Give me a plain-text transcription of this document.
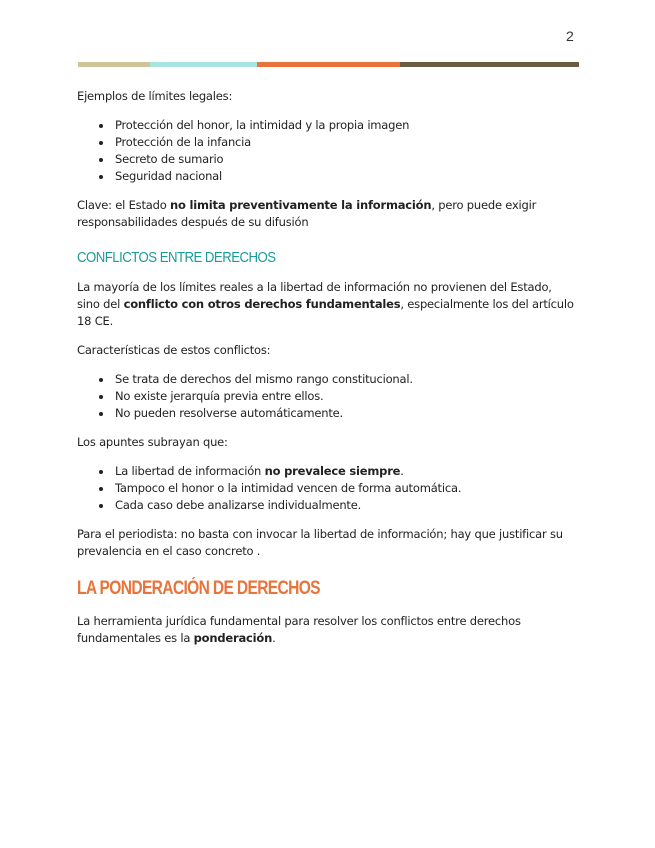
2

Ejemplos de límites legales:

Protección del honor, la intimidad y la propia imagen
Protección de la infancia
Secreto de sumario
Seguridad nacional

Clave: el Estado no limita preventivamente la información, pero puede exigir responsabilidades después de su difusión

CONFLICTOS ENTRE DERECHOS

La mayoría de los límites reales a la libertad de información no provienen del Estado, sino del conflicto con otros derechos fundamentales, especialmente los del artículo 18 CE.

Características de estos conflictos:

Se trata de derechos del mismo rango constitucional.
No existe jerarquía previa entre ellos.
No pueden resolverse automáticamente.

Los apuntes subrayan que:

La libertad de información no prevalece siempre.
Tampoco el honor o la intimidad vencen de forma automática.
Cada caso debe analizarse individualmente.

Para el periodista: no basta con invocar la libertad de información; hay que justificar su prevalencia en el caso concreto .

LA PONDERACIÓN DE DERECHOS

La herramienta jurídica fundamental para resolver los conflictos entre derechos fundamentales es la ponderación.
